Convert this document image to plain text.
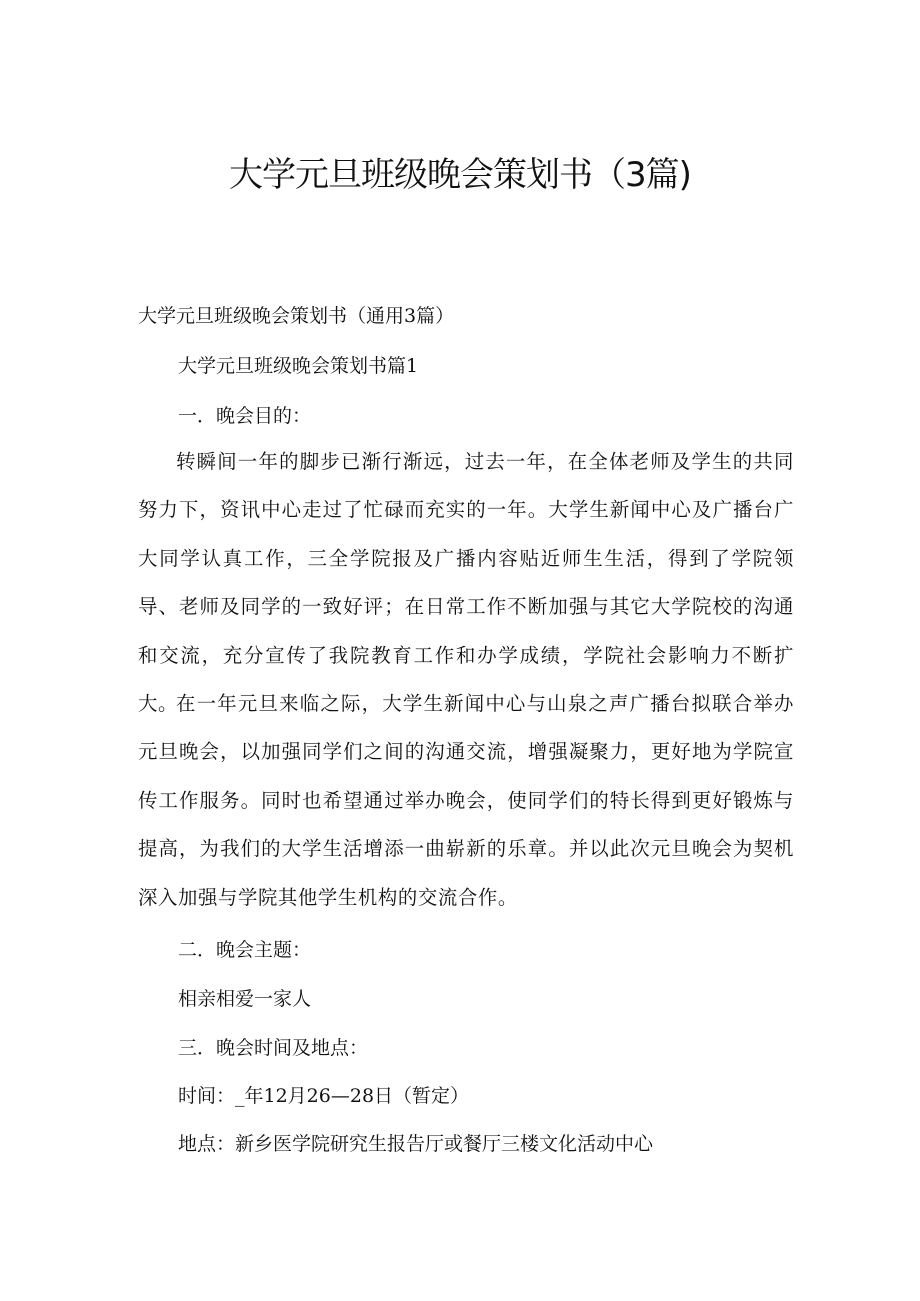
大学元旦班级晚会策划书（3篇)

大学元旦班级晚会策划书（通用3篇）

大学元旦班级晚会策划书篇1

一．晚会目的：

转瞬间一年的脚步已渐行渐远，过去一年，在全体老师及学生的共同努力下，资讯中心走过了忙碌而充实的一年。大学生新闻中心及广播台广大同学认真工作，三全学院报及广播内容贴近师生生活，得到了学院领导、老师及同学的一致好评；在日常工作不断加强与其它大学院校的沟通和交流，充分宣传了我院教育工作和办学成绩，学院社会影响力不断扩大。

在一年元旦来临之际，大学生新闻中心与山泉之声广播台拟联合举办元旦晚会，以加强同学们之间的沟通交流，增强凝聚力，更好地为学院宣传工作服务。同时也希望通过举办晚会，使同学们的特长得到更好锻炼与提高，为我们的大学生活增添一曲崭新的乐章。并以此次元旦晚会为契机深入加强与学院其他学生机构的交流合作。

二．晚会主题：

相亲相爱一家人

三．晚会时间及地点：

时间：_年12月26—28日（暂定）

地点：新乡医学院研究生报告厅或餐厅三楼文化活动中心
